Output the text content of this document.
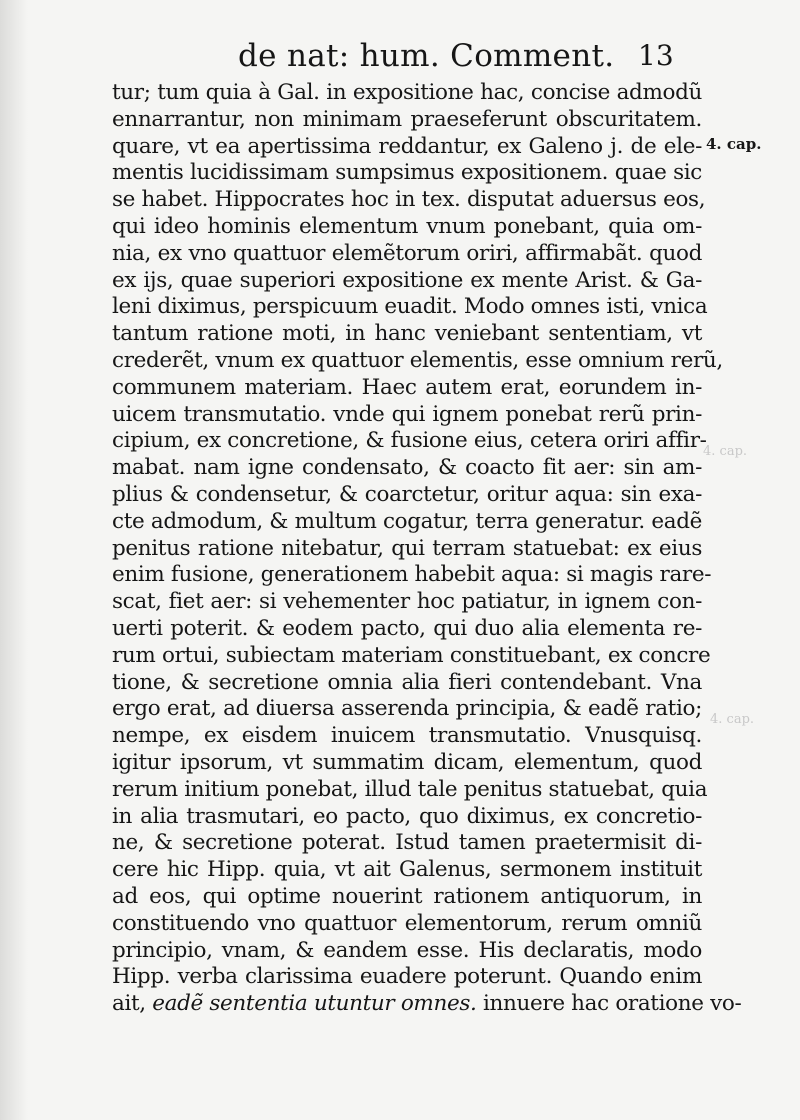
de nat: hum. Comment. 13
4. cap.
4. cap.
4. cap.
tur; tum quia à Gal. in expositione hac, concise admodũ
ennarrantur, non minimam praeseferunt obscuritatem.
quare, vt ea apertissima reddantur, ex Galeno j. de ele-
mentis lucidissimam sumpsimus expositionem. quae sic
se habet. Hippocrates hoc in tex. disputat aduersus eos,
qui ideo hominis elementum vnum ponebant, quia om-
nia, ex vno quattuor elemẽtorum oriri, affirmabãt. quod
ex ijs, quae superiori expositione ex mente Arist. & Ga-
leni diximus, perspicuum euadit. Modo omnes isti, vnica
tantum ratione moti, in hanc veniebant sententiam, vt
crederẽt, vnum ex quattuor elementis, esse omnium rerũ,
communem materiam. Haec autem erat, eorundem in-
uicem transmutatio. vnde qui ignem ponebat rerũ prin-
cipium, ex concretione, & fusione eius, cetera oriri affir-
mabat. nam igne condensato, & coacto fit aer: sin am-
plius & condensetur, & coarctetur, oritur aqua: sin exa-
cte admodum, & multum cogatur, terra generatur. eadẽ
penitus ratione nitebatur, qui terram statuebat: ex eius
enim fusione, generationem habebit aqua: si magis rare-
scat, fiet aer: si vehementer hoc patiatur, in ignem con-
uerti poterit. & eodem pacto, qui duo alia elementa re-
rum ortui, subiectam materiam constituebant, ex concre
tione, & secretione omnia alia fieri contendebant. Vna
ergo erat, ad diuersa asserenda principia, & eadẽ ratio;
nempe, ex eisdem inuicem transmutatio. Vnusquisq.
igitur ipsorum, vt summatim dicam, elementum, quod
rerum initium ponebat, illud tale penitus statuebat, quia
in alia trasmutari, eo pacto, quo diximus, ex concretio-
ne, & secretione poterat. Istud tamen praetermisit di-
cere hic Hipp. quia, vt ait Galenus, sermonem instituit
ad eos, qui optime nouerint rationem antiquorum, in
constituendo vno quattuor elementorum, rerum omniũ
principio, vnam, & eandem esse. His declaratis, modo
Hipp. verba clarissima euadere poterunt. Quando enim
ait, eadẽ sententia utuntur omnes. innuere hac oratione vo-
